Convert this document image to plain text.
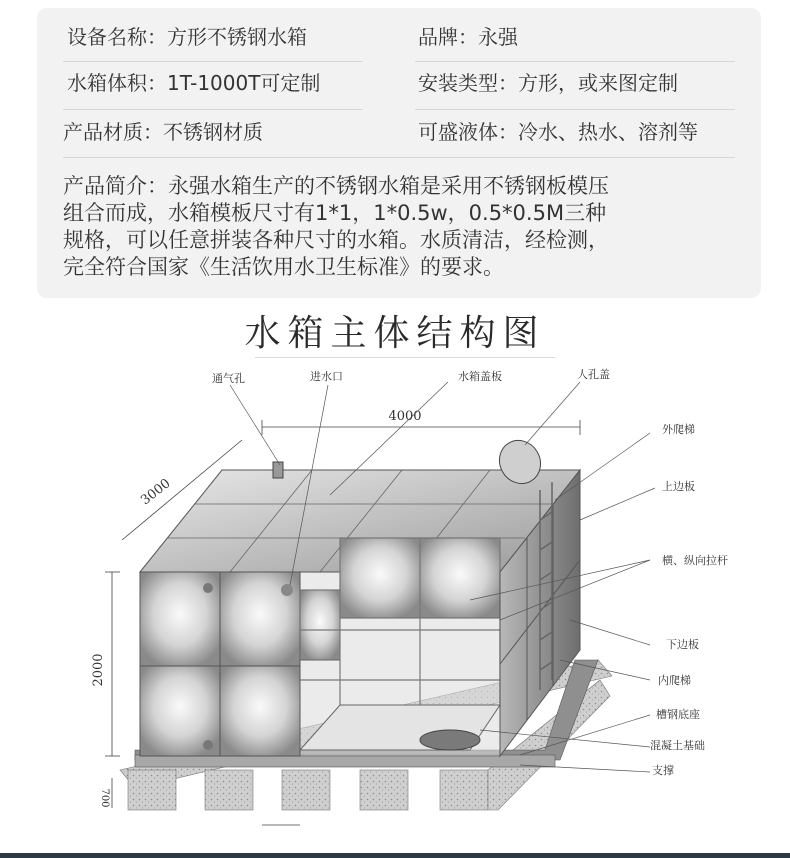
设备名称：方形不锈钢水箱	品牌：永强
水箱体积：1T-1000T可定制	安装类型：方形，或来图定制
产品材质：不锈钢材质	可盛液体：冷水、热水、溶剂等
产品简介：永强水箱生产的不锈钢水箱是采用不锈钢板模压
组合而成，水箱模板尺寸有1*1，1*0.5w，0.5*0.5M三种
规格，可以任意拼装各种尺寸的水箱。水质清洁，经检测，
完全符合国家《生活饮用水卫生标准》的要求。
水箱主体结构图
4000
3000
2000
700
通气孔	进水口	水箱盖板	人孔盖
外爬梯
上边板
横、纵向拉杆
下边板
内爬梯
槽钢底座
混凝土基础
支撑
